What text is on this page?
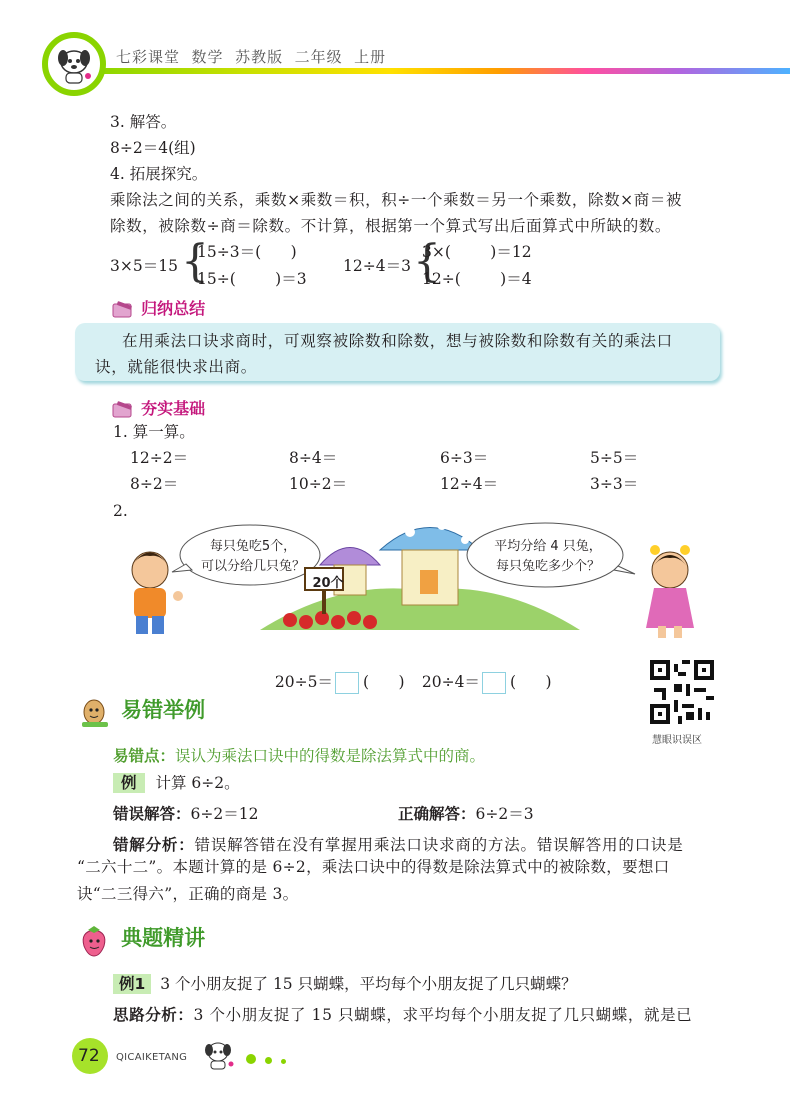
七彩课堂  数学  苏教版  二年级  上册
3. 解答。
8÷2＝4(组)
4. 拓展探究。
乘除法之间的关系，乘数×乘数＝积，积÷一个乘数＝另一个乘数，除数×商＝被
除数，被除数÷商＝除数。不计算，根据第一个算式写出后面算式中所缺的数。
3×5＝15 {
15÷3＝(      )
15÷(        )＝3
12÷4＝3 {
3×(        )＝12
12÷(        )＝4
归纳总结
在用乘法口诀求商时，可观察被除数和除数，想与被除数和除数有关的乘法口
诀，就能很快求出商。
夯实基础
1. 算一算。
12÷2＝	8÷4＝	6÷3＝	5÷5＝
8÷2＝	10÷2＝	12÷4＝	3÷3＝
2.
每只兔吃5个，
可以分给几只兔？
平均分给 4 只兔，
每只兔吃多少个？
20个

20÷5＝ (      )	20÷4＝ (      )

慧眼识误区
易错举例
易错点：误认为乘法口诀中的得数是除法算式中的商。
例 计算 6÷2。
错误解答：6÷2＝12	正确解答：6÷2＝3
错解分析：错误解答错在没有掌握用乘法口诀求商的方法。错误解答用的口诀是
“二六十二”。本题计算的是 6÷2，乘法口诀中的得数是除法算式中的被除数，要想口
诀“二三得六”，正确的商是 3。
典题精讲
例1 3 个小朋友捉了 15 只蝴蝶，平均每个小朋友捉了几只蝴蝶？
思路分析：3 个小朋友捉了 15 只蝴蝶，求平均每个小朋友捉了几只蝴蝶，就是已
72 QICAIKETANG
